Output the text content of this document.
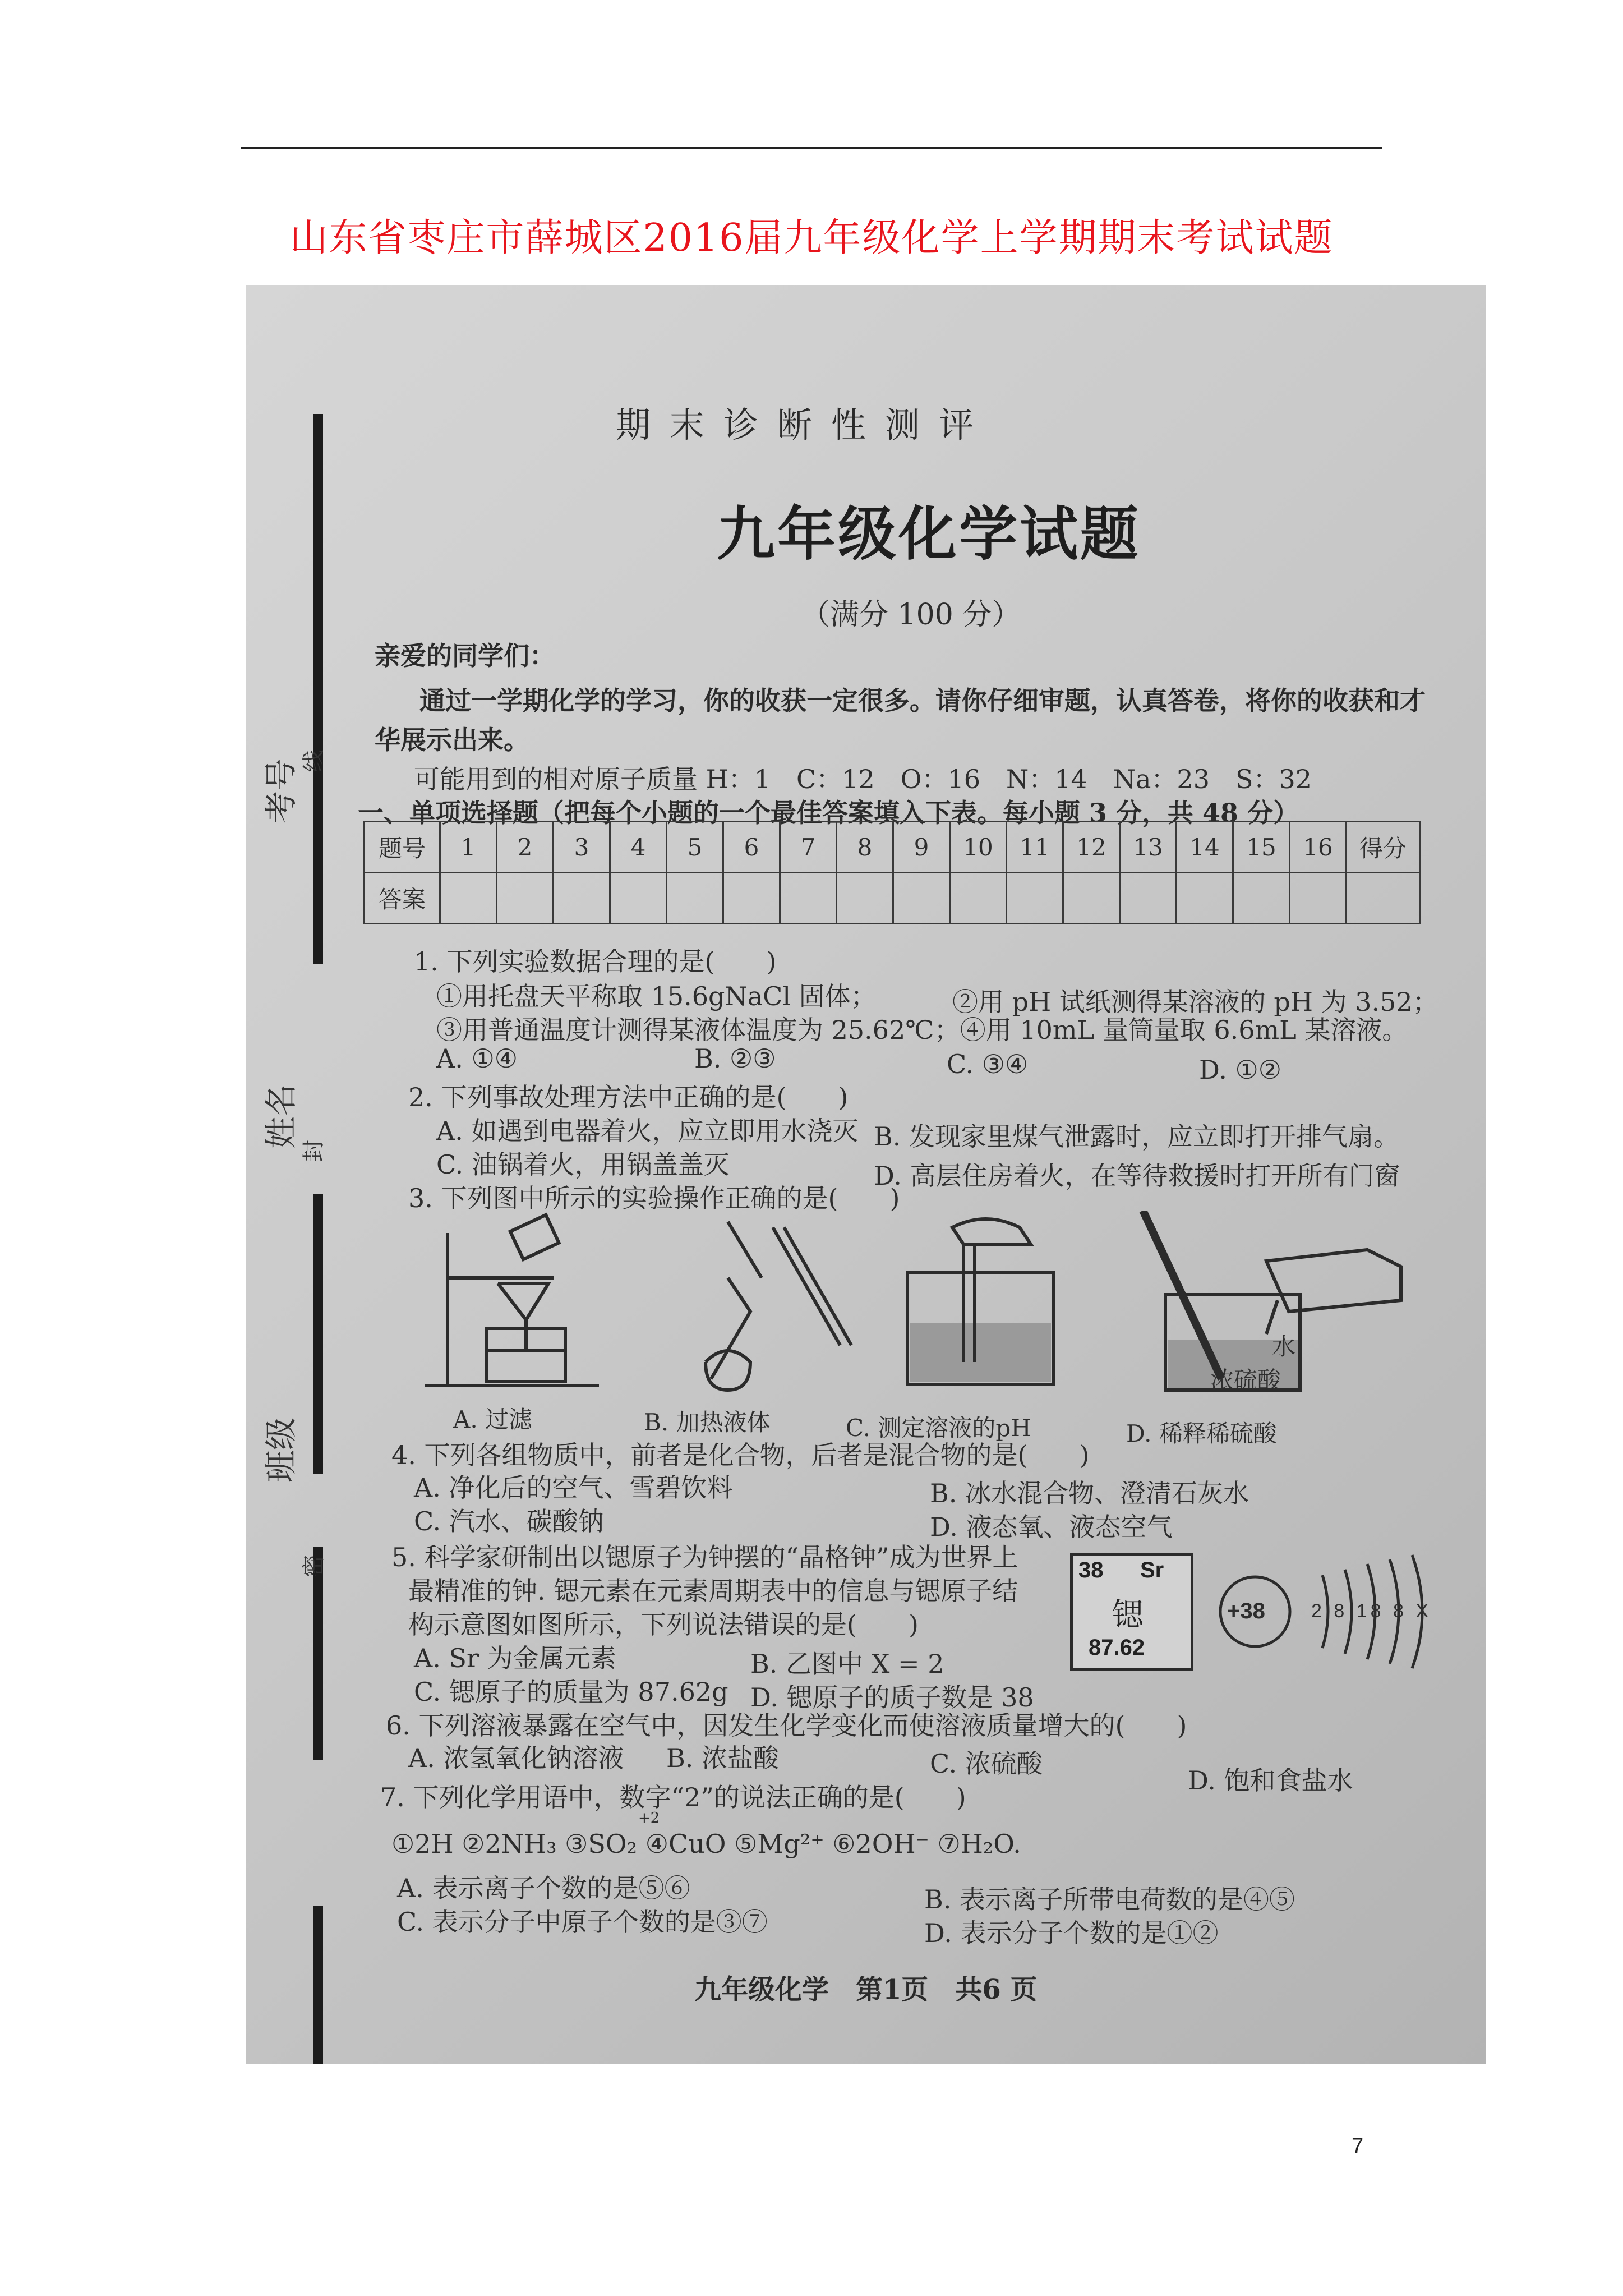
山东省枣庄市薛城区2016届九年级化学上学期期末考试试题
考号 线
姓名
封
班级
密
期末诊断性测评
九年级化学试题
（满分 100 分）
亲爱的同学们：
通过一学期化学的学习，你的收获一定很多。请你仔细审题，认真答卷，将你的收获和才
华展示出来。
可能用到的相对原子质量 H：1　C：12　O：16　N：14　Na：23　S：32
一、单项选择题（把每个小题的一个最佳答案填入下表。每小题 3 分，共 48 分）
题号	1	2	3	4	5	6	7	8	9	10	11	12	13	14	15	16	得分
答案																	
1. 下列实验数据合理的是(　　)
①用托盘天平称取 15.6gNaCl 固体；	②用 pH 试纸测得某溶液的 pH 为 3.52；
③用普通温度计测得某液体温度为 25.62℃；④用 10mL 量筒量取 6.6mL 某溶液。
A. ①④	B. ②③	C. ③④	D. ①②
2. 下列事故处理方法中正确的是(　　)
A. 如遇到电器着火，应立即用水浇灭 B. 发现家里煤气泄露时，应立即打开排气扇。
C. 油锅着火，用锅盖盖灭	D. 高层住房着火，在等待救援时打开所有门窗
3. 下列图中所示的实验操作正确的是(　　)
水
浓硫酸
A. 过滤	B. 加热液体	C. 测定溶液的pH	D. 稀释稀硫酸
4. 下列各组物质中，前者是化合物，后者是混合物的是(　　)
A. 净化后的空气、雪碧饮料	B. 冰水混合物、澄清石灰水
C. 汽水、碳酸钠	D. 液态氧、液态空气
5. 科学家研制出以锶原子为钟摆的“晶格钟”成为世界上
最精准的钟. 锶元素在元素周期表中的信息与锶原子结
构示意图如图所示，下列说法错误的是(　　)
A. Sr 为金属元素	B. 乙图中 X = 2
C. 锶原子的质量为 87.62g D. 锶原子的质子数是 38
38 Sr
锶
87.62
+38 2 8 18 8 X
6. 下列溶液暴露在空气中，因发生化学变化而使溶液质量增大的(　　)
A. 浓氢氧化钠溶液 B. 浓盐酸	C. 浓硫酸
D. 饱和食盐水
7. 下列化学用语中，数字“2”的说法正确的是(　　)
+2
①2H ②2NH₃ ③SO₂ ④CuO ⑤Mg²⁺ ⑥2OH⁻ ⑦H₂O.
A. 表示离子个数的是⑤⑥	B. 表示离子所带电荷数的是④⑤
C. 表示分子中原子个数的是③⑦	D. 表示分子个数的是①②
九年级化学　第1页　共6 页
7
